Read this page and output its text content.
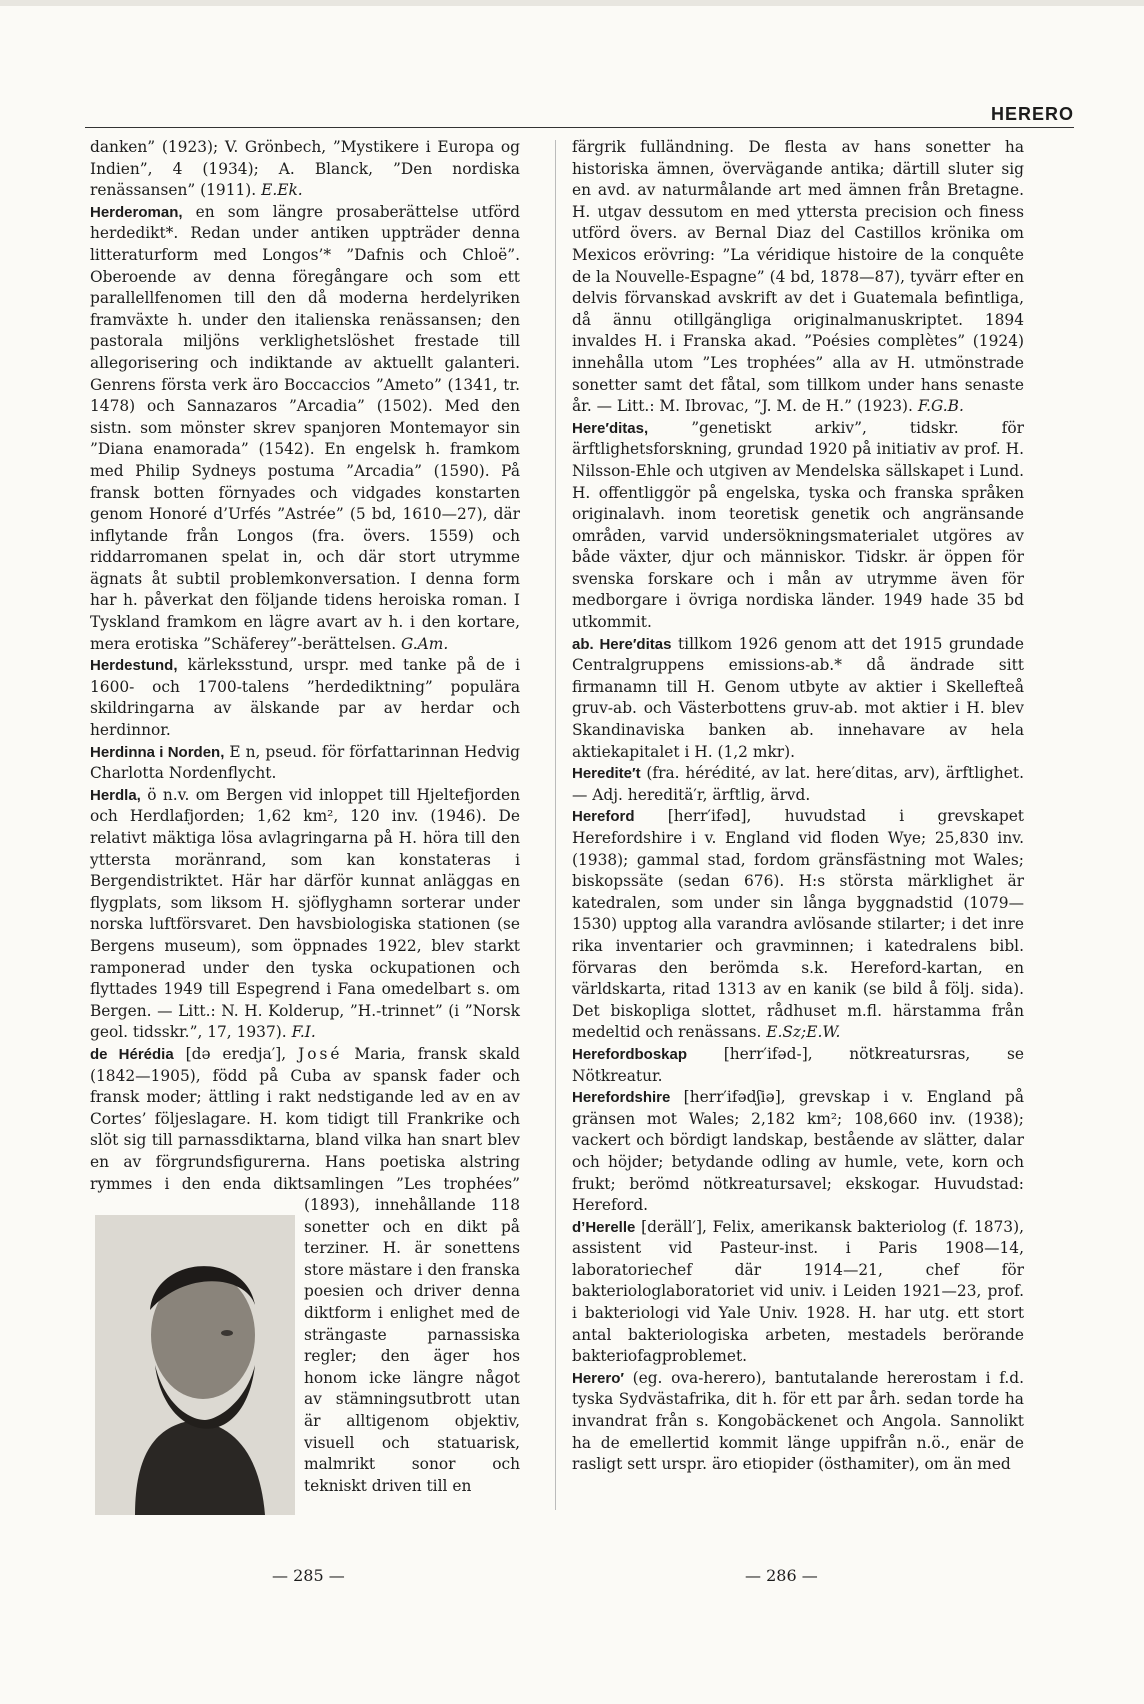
HERERO

danken” (1923); V. Grönbech, ”Mystikere i Europa og Indien”, 4 (1934); A. Blanck, ”Den nordiska renässansen” (1911). E.Ek.

Herderoman, en som längre prosaberättelse utförd herdedikt*. Redan under antiken uppträder denna litteraturform med Longos’* ”Dafnis och Chloë”. Oberoende av denna föregångare och som ett parallellfenomen till den då moderna herdelyriken framväxte h. under den italienska renässansen; den pastorala miljöns verklighetslöshet frestade till allegorisering och indiktande av aktuellt galanteri. Genrens första verk äro Boccaccios ”Ameto” (1341, tr. 1478) och Sannazaros ”Arcadia” (1502). Med den sistn. som mönster skrev spanjoren Montemayor sin ”Diana enamorada” (1542). En engelsk h. framkom med Philip Sydneys postuma ”Arcadia” (1590). På fransk botten förnyades och vidgades konstarten genom Honoré d’Urfés ”Astrée” (5 bd, 1610—27), där inflytande från Longos (fra. övers. 1559) och riddarromanen spelat in, och där stort utrymme ägnats åt subtil problemkonversation. I denna form har h. påverkat den följande tidens heroiska roman. I Tyskland framkom en lägre avart av h. i den kortare, mera erotiska ”Schäferey”-berättelsen. G.Am.

Herdestund, kärleksstund, urspr. med tanke på de i 1600- och 1700-talens ”herdediktning” populära skildringarna av älskande par av herdar och herdinnor.

Herdinna i Norden, E n, pseud. för författarinnan Hedvig Charlotta Nordenflycht.

Herdla, ö n.v. om Bergen vid inloppet till Hjeltefjorden och Herdlafjorden; 1,62 km², 120 inv. (1946). De relativt mäktiga lösa avlagringarna på H. höra till den yttersta moränrand, som kan konstateras i Bergendistriktet. Här har därför kunnat anläggas en flygplats, som liksom H. sjöflyghamn sorterar under norska luftförsvaret. Den havsbiologiska stationen (se Bergens museum), som öppnades 1922, blev starkt ramponerad under den tyska ockupationen och flyttades 1949 till Espegrend i Fana omedelbart s. om Bergen. — Litt.: N. H. Kolderup, ”H.-trinnet” (i ”Norsk geol. tidsskr.”, 17, 1937). F.I.

de Hérédia [də eredja′], José Maria, fransk skald (1842—1905), född på Cuba av spansk fader och fransk moder; ättling i rakt nedstigande led av en av Cortes’ följeslagare. H. kom tidigt till Frankrike och slöt sig till parnassdiktarna, bland vilka han snart blev en av förgrundsfigurerna. Hans poetiska alstring rymmes i den enda diktsamlingen ”Les trophées” (1893), innehållande 118 sonetter och en dikt på terziner. H. är sonettens store mästare i den franska poesien och driver denna diktform i enlighet med de strängaste parnassiska regler; den äger hos honom icke längre något av stämningsutbrott utan är alltigenom objektiv, visuell och statuarisk, malmrikt sonor och tekniskt driven till en

färgrik fulländning. De flesta av hans sonetter ha historiska ämnen, övervägande antika; därtill sluter sig en avd. av naturmålande art med ämnen från Bretagne. H. utgav dessutom en med yttersta precision och finess utförd övers. av Bernal Diaz del Castillos krönika om Mexicos erövring: ”La véridique histoire de la conquête de la Nouvelle-Espagne” (4 bd, 1878—87), tyvärr efter en delvis förvanskad avskrift av det i Guatemala befintliga, då ännu otillgängliga originalmanuskriptet. 1894 invaldes H. i Franska akad. ”Poésies complètes” (1924) innehålla utom ”Les trophées” alla av H. utmönstrade sonetter samt det fåtal, som tillkom under hans senaste år. — Litt.: M. Ibrovac, ”J. M. de H.” (1923). F.G.B.

Here′ditas, ”genetiskt arkiv”, tidskr. för ärftlighetsforskning, grundad 1920 på initiativ av prof. H. Nilsson-Ehle och utgiven av Mendelska sällskapet i Lund. H. offentliggör på engelska, tyska och franska språken originalavh. inom teoretisk genetik och angränsande områden, varvid undersökningsmaterialet utgöres av både växter, djur och människor. Tidskr. är öppen för svenska forskare och i mån av utrymme även för medborgare i övriga nordiska länder. 1949 hade 35 bd utkommit.

ab. Here′ditas tillkom 1926 genom att det 1915 grundade Centralgruppens emissions-ab.* då ändrade sitt firmanamn till H. Genom utbyte av aktier i Skellefteå gruv-ab. och Västerbottens gruv-ab. mot aktier i H. blev Skandinaviska banken ab. innehavare av hela aktiekapitalet i H. (1,2 mkr).

Heredite′t (fra. hérédité, av lat. here′ditas, arv), ärftlighet. — Adj. hereditä′r, ärftlig, ärvd.

Hereford [herr′ifəd], huvudstad i grevskapet Herefordshire i v. England vid floden Wye; 25,830 inv. (1938); gammal stad, fordom gränsfästning mot Wales; biskopssäte (sedan 676). H:s största märklighet är katedralen, som under sin långa byggnadstid (1079—1530) upptog alla varandra avlösande stilarter; i det inre rika inventarier och gravminnen; i katedralens bibl. förvaras den berömda s.k. Hereford-kartan, en världskarta, ritad 1313 av en kanik (se bild å följ. sida). Det biskopliga slottet, rådhuset m.fl. härstamma från medeltid och renässans. E.Sz;E.W.

Herefordboskap [herr′ifəd-], nötkreatursras, se Nötkreatur.

Herefordshire [herr′ifədʃiə], grevskap i v. England på gränsen mot Wales; 2,182 km²; 108,660 inv. (1938); vackert och bördigt landskap, bestående av slätter, dalar och höjder; betydande odling av humle, vete, korn och frukt; berömd nötkreatursavel; ekskogar. Huvudstad: Hereford.

d’Herelle [deräll′], Felix, amerikansk bakteriolog (f. 1873), assistent vid Pasteur-inst. i Paris 1908—14, laboratoriechef där 1914—21, chef för bakteriologlaboratoriet vid univ. i Leiden 1921—23, prof. i bakteriologi vid Yale Univ. 1928. H. har utg. ett stort antal bakteriologiska arbeten, mestadels berörande bakteriofagproblemet.

Herero′ (eg. ova-herero), bantutalande hererostam i f.d. tyska Sydvästafrika, dit h. för ett par årh. sedan torde ha invandrat från s. Kongobäckenet och Angola. Sannolikt ha de emellertid kommit länge uppifrån n.ö., enär de rasligt sett urspr. äro etiopider (östhamiter), om än med

— 285 —	— 286 —
